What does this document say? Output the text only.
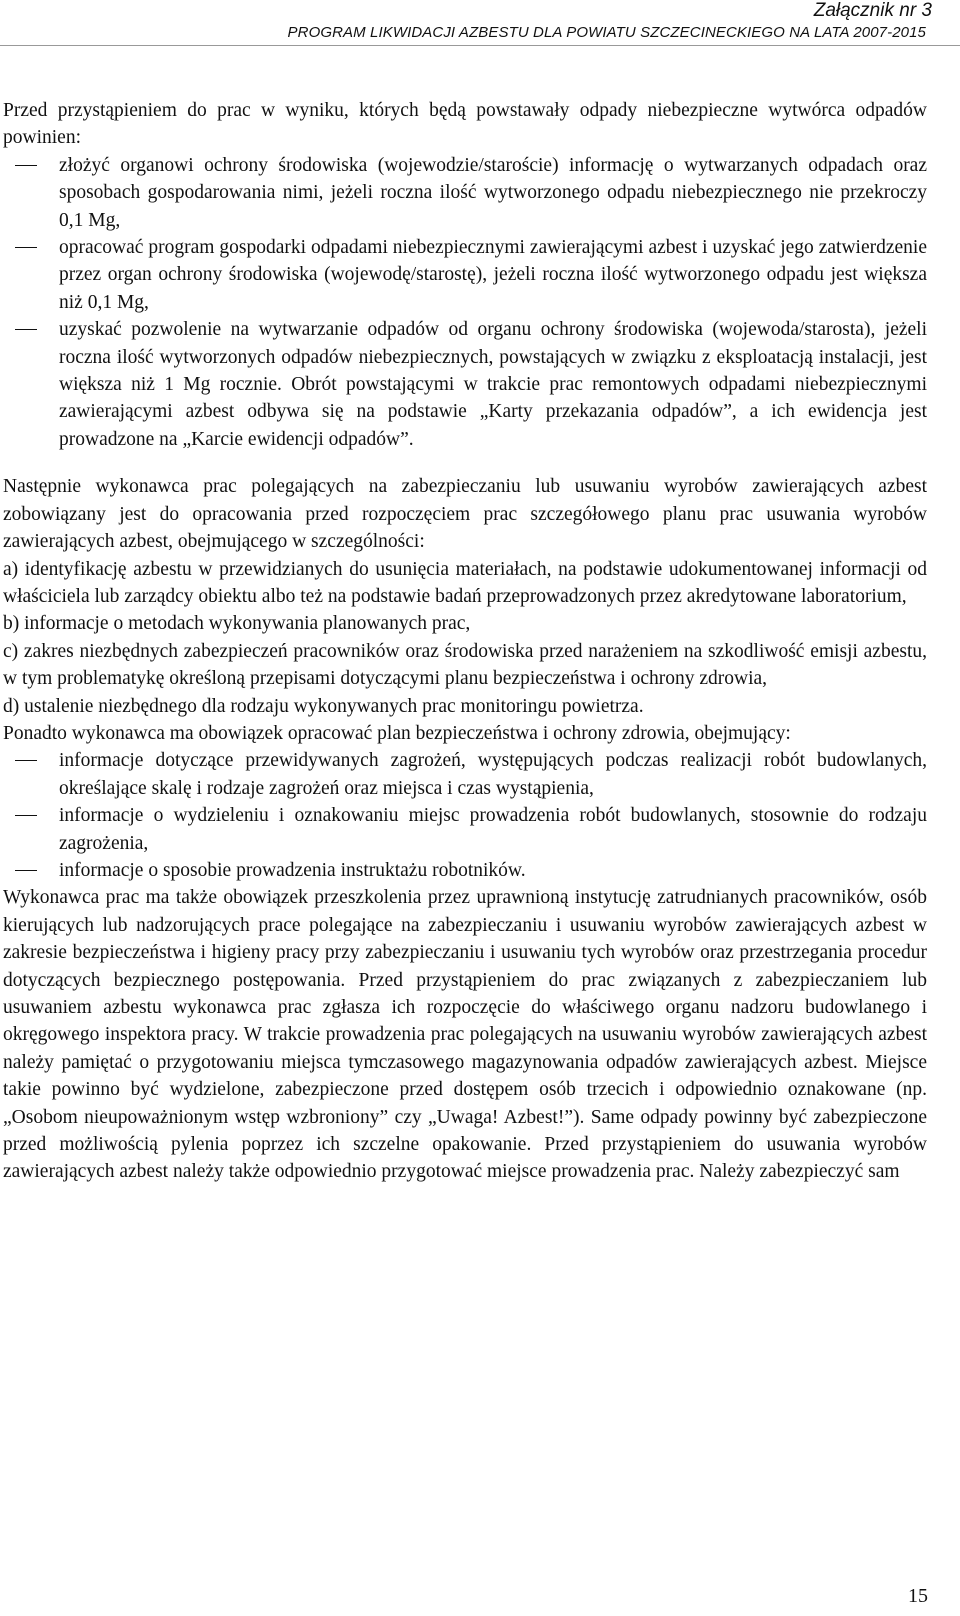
Załącznik nr 3
PROGRAM LIKWIDACJI AZBESTU DLA POWIATU SZCZECINECKIEGO NA LATA 2007-2015

Przed przystąpieniem do prac w wyniku, których będą powstawały odpady niebezpieczne wytwórca odpadów powinien:

złożyć organowi ochrony środowiska (wojewodzie/staroście) informację o wytwarzanych odpadach oraz sposobach gospodarowania nimi, jeżeli roczna ilość wytworzonego odpadu niebezpiecznego nie przekroczy 0,1 Mg,

opracować program gospodarki odpadami niebezpiecznymi zawierającymi azbest i uzyskać jego zatwierdzenie przez organ ochrony środowiska (wojewodę/starostę), jeżeli roczna ilość wytworzonego odpadu jest większa niż 0,1 Mg,

uzyskać pozwolenie na wytwarzanie odpadów od organu ochrony środowiska (wojewoda/starosta), jeżeli roczna ilość wytworzonych odpadów niebezpiecznych, powstających w związku z eksploatacją instalacji, jest większa niż 1 Mg rocznie. Obrót powstającymi w trakcie prac remontowych odpadami niebezpiecznymi zawierającymi azbest odbywa się na podstawie „Karty przekazania odpadów”, a ich ewidencja jest prowadzone na „Karcie ewidencji odpadów”.

Następnie wykonawca prac polegających na zabezpieczaniu lub usuwaniu wyrobów zawierających azbest zobowiązany jest do opracowania przed rozpoczęciem prac szczegółowego planu prac usuwania wyrobów zawierających azbest, obejmującego w szczególności:

a) identyfikację azbestu w przewidzianych do usunięcia materiałach, na podstawie udokumentowanej informacji od właściciela lub zarządcy obiektu albo też na podstawie badań przeprowadzonych przez akredytowane laboratorium,

b) informacje o metodach wykonywania planowanych prac,

c) zakres niezbędnych zabezpieczeń pracowników oraz środowiska przed narażeniem na szkodliwość emisji azbestu, w tym problematykę określoną przepisami dotyczącymi planu bezpieczeństwa i ochrony zdrowia,

d) ustalenie niezbędnego dla rodzaju wykonywanych prac monitoringu powietrza.

Ponadto wykonawca ma obowiązek opracować plan bezpieczeństwa i ochrony zdrowia, obejmujący:

informacje dotyczące przewidywanych zagrożeń, występujących podczas realizacji robót budowlanych, określające skalę i rodzaje zagrożeń oraz miejsca i czas wystąpienia,

informacje o wydzieleniu i oznakowaniu miejsc prowadzenia robót budowlanych, stosownie do rodzaju zagrożenia,

informacje o sposobie prowadzenia instruktażu robotników.

Wykonawca prac ma także obowiązek przeszkolenia przez uprawnioną instytucję zatrudnianych pracowników, osób kierujących lub nadzorujących prace polegające na zabezpieczaniu i usuwaniu wyrobów zawierających azbest w zakresie bezpieczeństwa i higieny pracy przy zabezpieczaniu i usuwaniu tych wyrobów oraz przestrzegania procedur dotyczących bezpiecznego postępowania. Przed przystąpieniem do prac związanych z zabezpieczaniem lub usuwaniem azbestu wykonawca prac zgłasza ich rozpoczęcie do właściwego organu nadzoru budowlanego i okręgowego inspektora pracy. W trakcie prowadzenia prac polegających na usuwaniu wyrobów zawierających azbest należy pamiętać o przygotowaniu miejsca tymczasowego magazynowania odpadów zawierających azbest. Miejsce takie powinno być wydzielone, zabezpieczone przed dostępem osób trzecich i odpowiednio oznakowane (np. „Osobom nieupoważnionym wstęp wzbroniony” czy „Uwaga! Azbest!”). Same odpady powinny być zabezpieczone przed możliwością pylenia poprzez ich szczelne opakowanie. Przed przystąpieniem do usuwania wyrobów zawierających azbest należy także odpowiednio przygotować miejsce prowadzenia prac. Należy zabezpieczyć sam

15
